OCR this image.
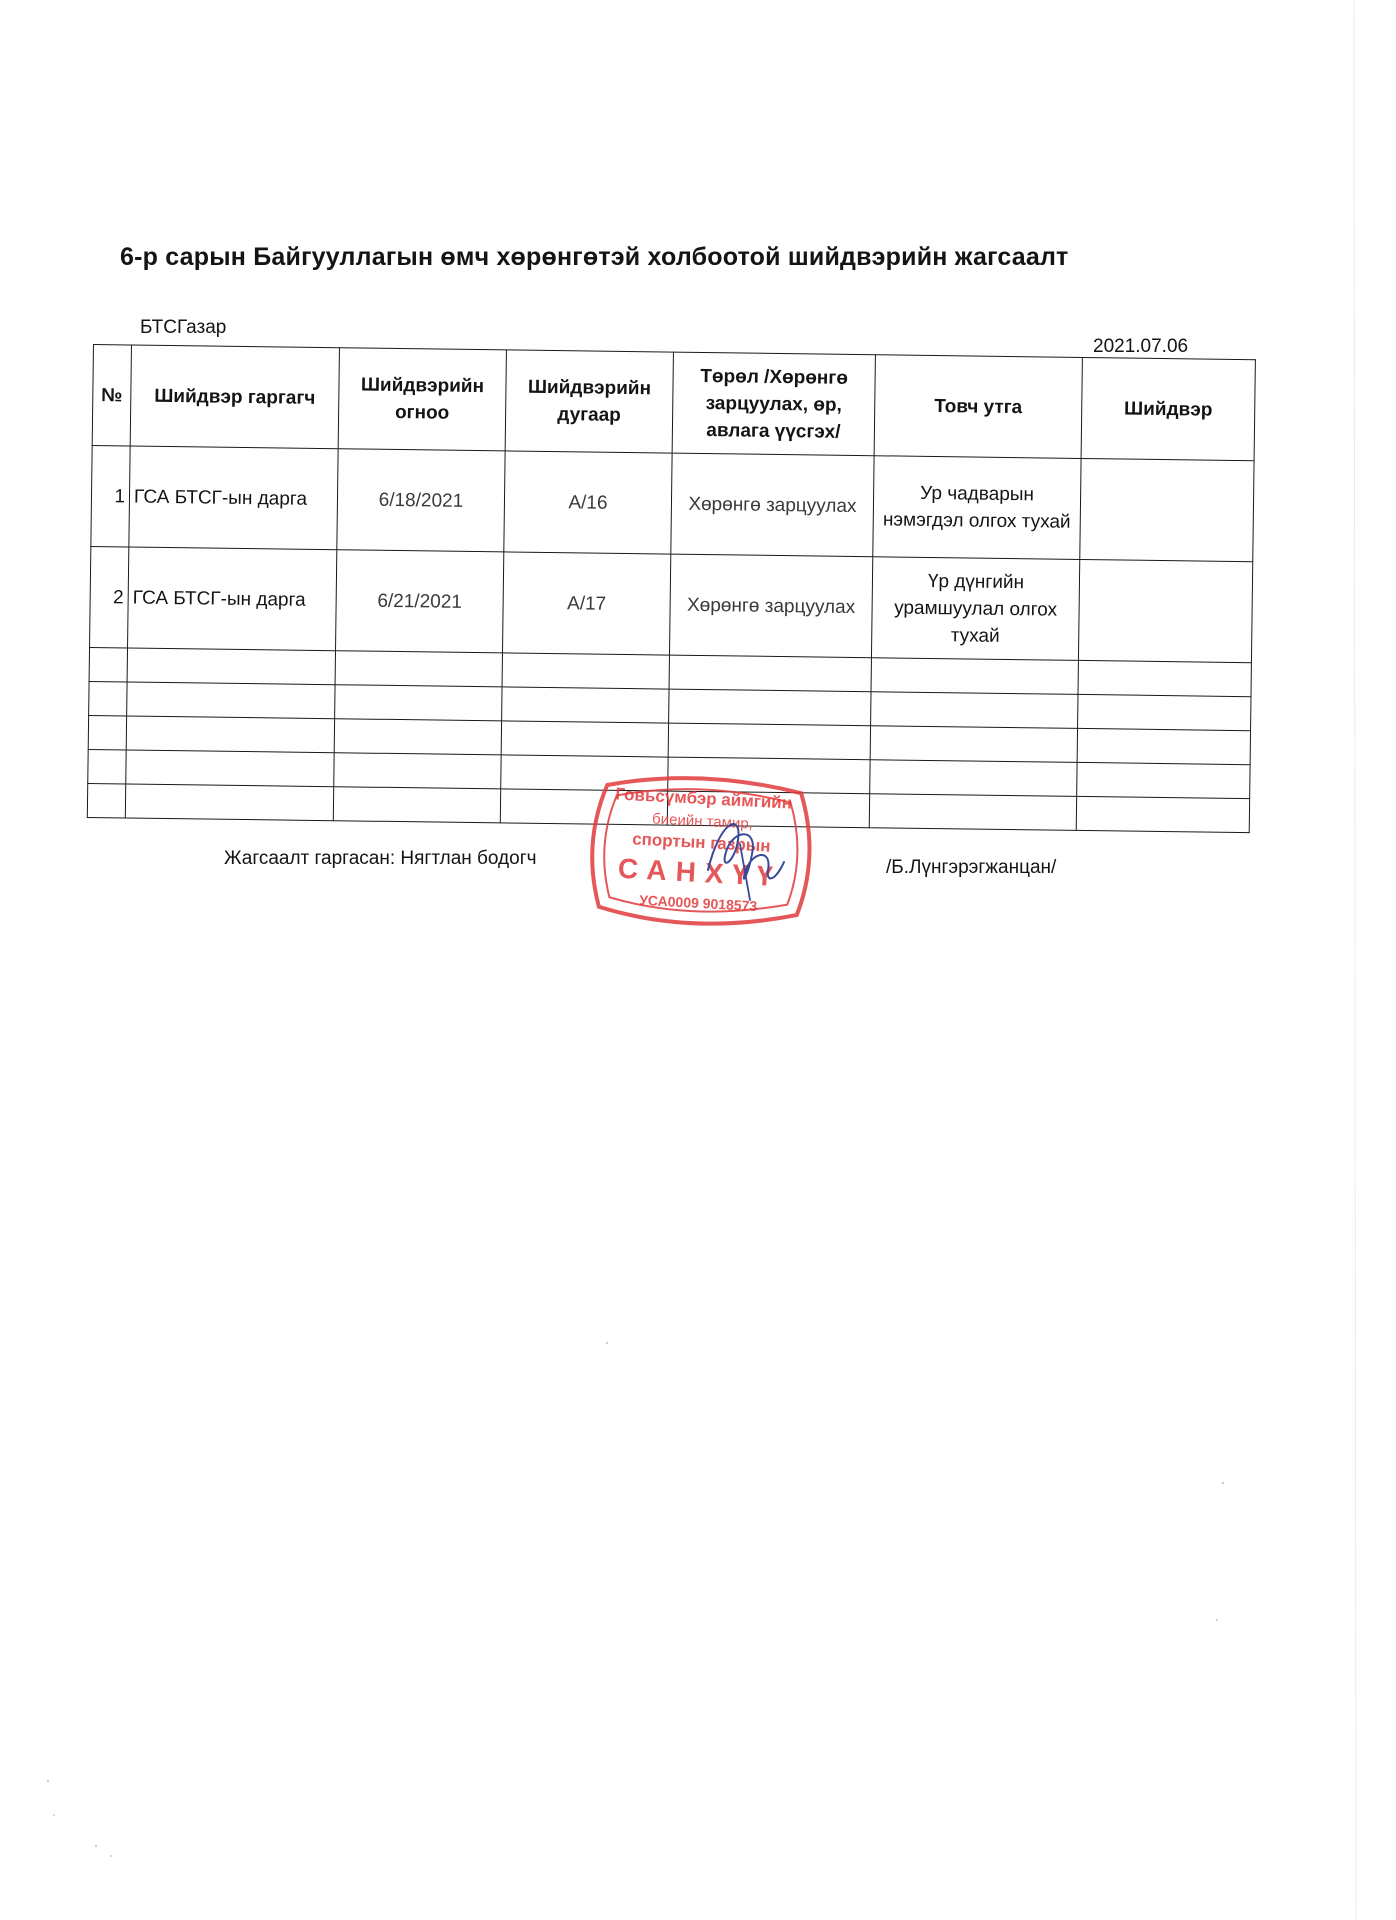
6-р сарын Байгууллагын өмч хөрөнгөтэй холбоотой шийдвэрийн жагсаалт
БТСГазар
2021.07.06
№	Шийдвэр гаргагч	Шийдвэрийн огноо	Шийдвэрийн дугаар	Төрөл /Хөрөнгө зарцуулах, өр, авлага үүсгэх/	Товч утга	Шийдвэр
1	ГСА БТСГ-ын дарга	6/18/2021	А/16	Хөрөнгө зарцуулах	Ур чадварын нэмэгдэл олгох тухай	
2	ГСА БТСГ-ын дарга	6/21/2021	А/17	Хөрөнгө зарцуулах	Үр дүнгийн урамшуулал олгох тухай	

Жагсаалт гаргасан: Нягтлан бодогч	/Б.Лүнгэрэгжанцан/
Говьсүмбэр аймгийн
биеийн тамир,
спортын газрын
САНХҮҮ
УСА0009 9018573
